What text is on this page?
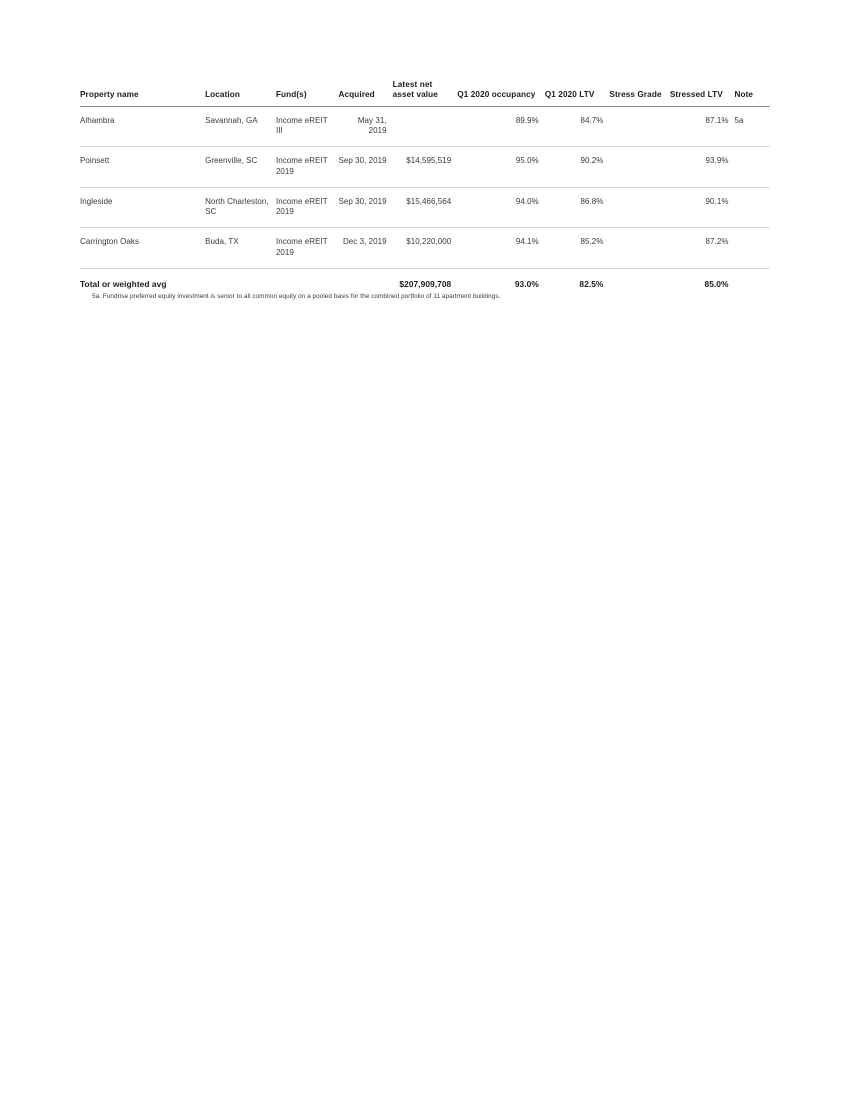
Property name	Location	Fund(s)	Acquired	Latest net asset value	Q1 2020 occupancy	Q1 2020 LTV	Stress Grade	Stressed LTV	Note
Alhambra	Savannah, GA	Income eREIT III	May 31, 2019		89.9%	84.7%		87.1%	5a
Poinsett	Greenville, SC	Income eREIT 2019	Sep 30, 2019	$14,595,519	95.0%	90.2%		93.9%	
Ingleside	North Charleston, SC	Income eREIT 2019	Sep 30, 2019	$15,466,564	94.0%	86.8%		90.1%	
Carrington Oaks	Buda, TX	Income eREIT 2019	Dec 3, 2019	$10,220,000	94.1%	85.2%		87.2%	
Total or weighted avg				$207,909,708	93.0%	82.5%		85.0%	
5a. Fundrise preferred equity investment is senior to all common equity on a pooled basis for the combined portfolio of 11 apartment buildings.
